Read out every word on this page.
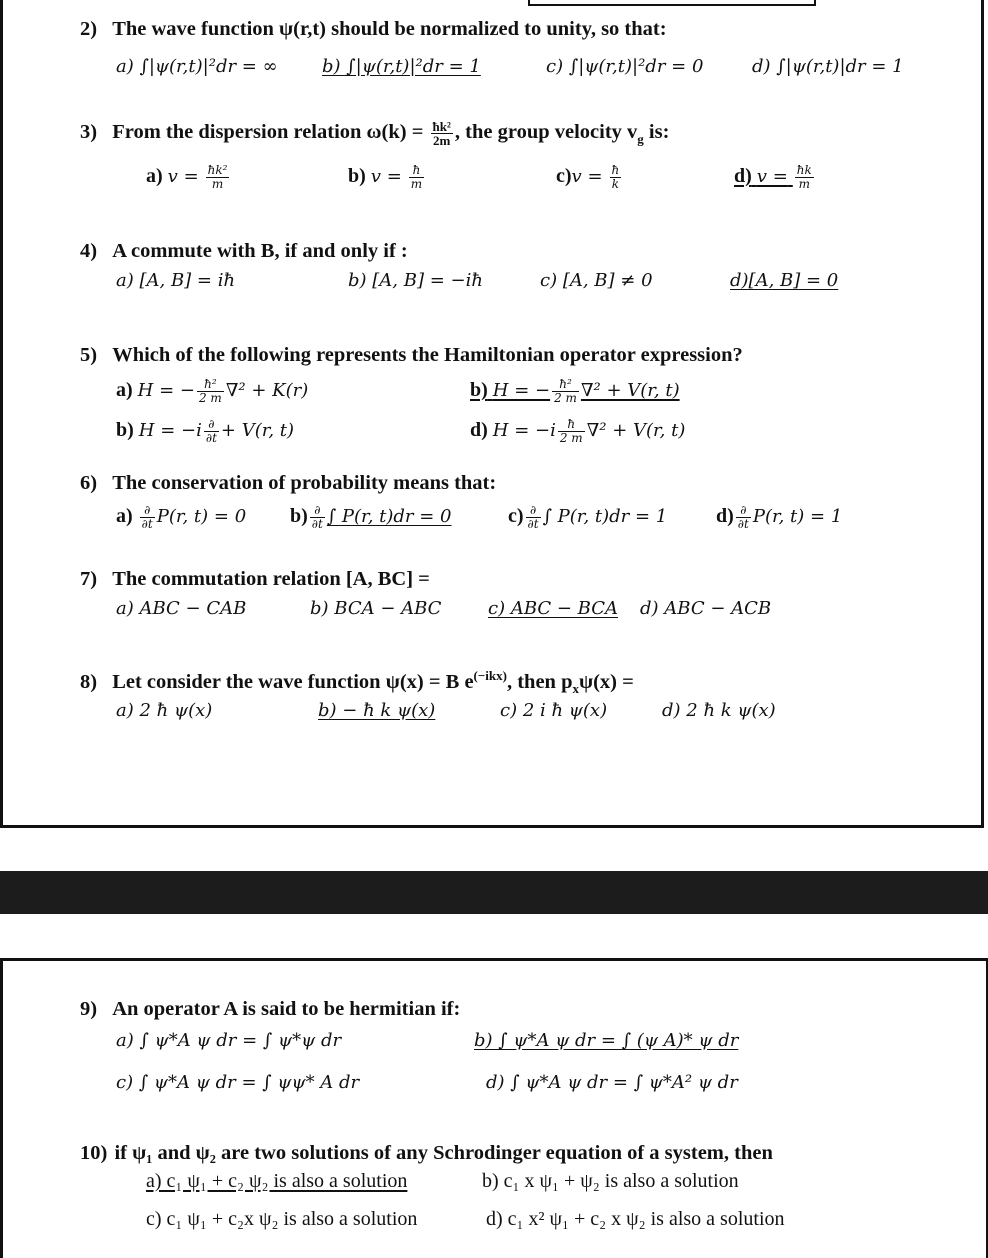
2) The wave function ψ(r,t) should be normalized to unity, so that:
a) ∫|ψ(r,t)|²dr = ∞ b) ∫|ψ(r,t)|²dr = 1	c) ∫|ψ(r,t)|²dr = 0	d) ∫|ψ(r,t)|dr = 1
3) From the dispersion relation $\omega(k) = \frac{\text{ħk²}}{2m}$ , the group velocity $v_g$ is:
a) $v = \frac{\text{ħk²}}{m}$	b) $v = \frac{ħ}{m}$	$c)v = \frac{ħ}{k}$	d) $v = \frac{ħk}{m}$
4) A commute with B, if and only if :
a) [A, B] = iħ	b) [A, B] = −iħ	c) [A, B] ≠ 0	d)[A, B] = 0
5) Which of the following represents the Hamiltonian operator expression?
a) H = − $\frac{\text{ħ²}}{2 m} \nabla^2 + K(r)$	b) H = − $\frac{\text{ħ²}}{2 m} \nabla^2 + V(r$, t)
b) $H = -i \frac{\partial}{\partial t} + V(r$, t)	d) $H = -i \frac{ħ}{2 m} \nabla^2 + V(r$, t)
6) The conservation of probability means that:
$a) \frac{\partial}{\partial t} P(r$, t) = 0 $b) \frac{\partial}{\partial t}$ ∫ P(r, t)dr = 0	$c) \frac{\partial}{\partial t}$ ∫ P(r, t)dr = 1 $d) \frac{\partial}{\partial t} P(r$, t) = 1
7) The commutation relation [A, BC] =
a) ABC − CAB	b) BCA − ABC	c) ABC − BCA d) ABC − ACB
8) Let consider the wave function ψ(x) = B $e^{(-ikx)}$, then $p_x\psi(x)$ =
a) 2 ħ ψ(x)	b) − ħ k ψ(x)	c) 2 i ħ ψ(x)	d) 2 ħ k ψ(x)
9) An operator A is said to be hermitian if:
a) ∫ ψ*A ψ dr = ∫ ψ*ψ dr	b) ∫ ψ*A ψ dr = ∫ (ψ A)* ψ dr
c) ∫ ψ*A ψ dr = ∫ ψψ* A dr	d) ∫ ψ*A ψ dr = ∫ ψ*A² ψ dr
10) if ψ₁ and ψ₂ are two solutions of any Schrodinger equation of a system, then
a) c₁ ψ₁ + c₂ ψ₂ is also a solution	b) c₁ x ψ₁ + ψ₂ is also a solution
c) c₁ ψ₁ + c₂x ψ₂ is also a solution	d) c₁ x² ψ₁ + c₂ x ψ₂ is also a solution
